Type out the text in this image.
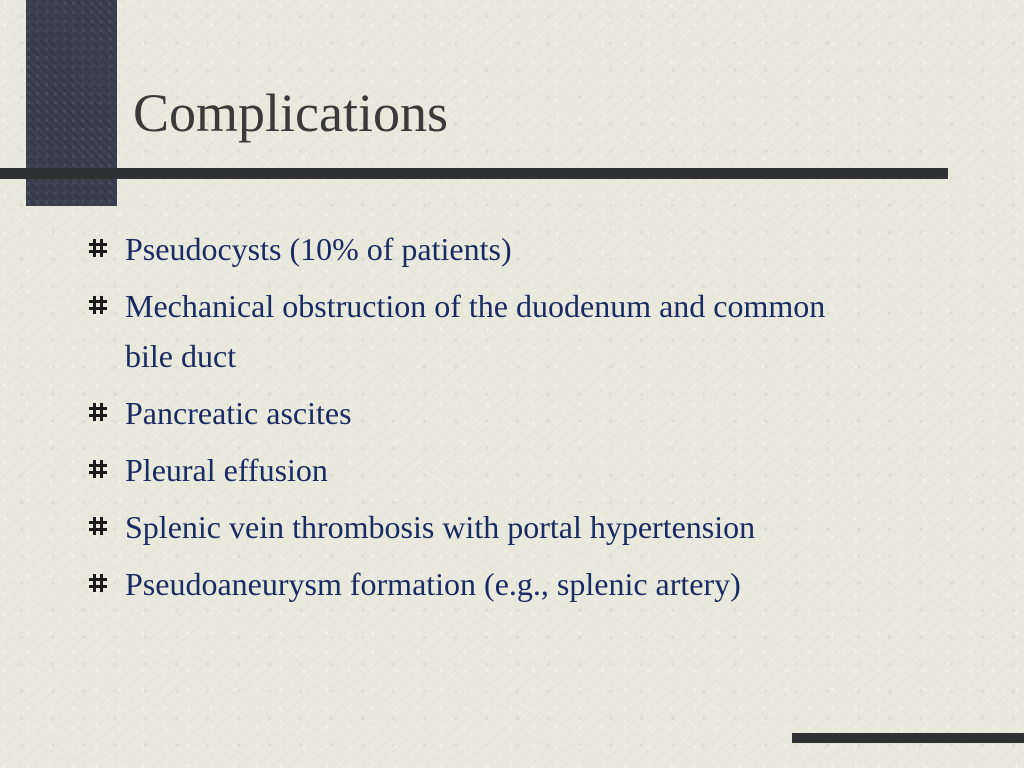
Complications
Pseudocysts (10% of patients)
Mechanical obstruction of the duodenum and common bile duct
Pancreatic ascites
Pleural effusion
Splenic vein thrombosis with portal hypertension
Pseudoaneurysm formation (e.g., splenic artery)
